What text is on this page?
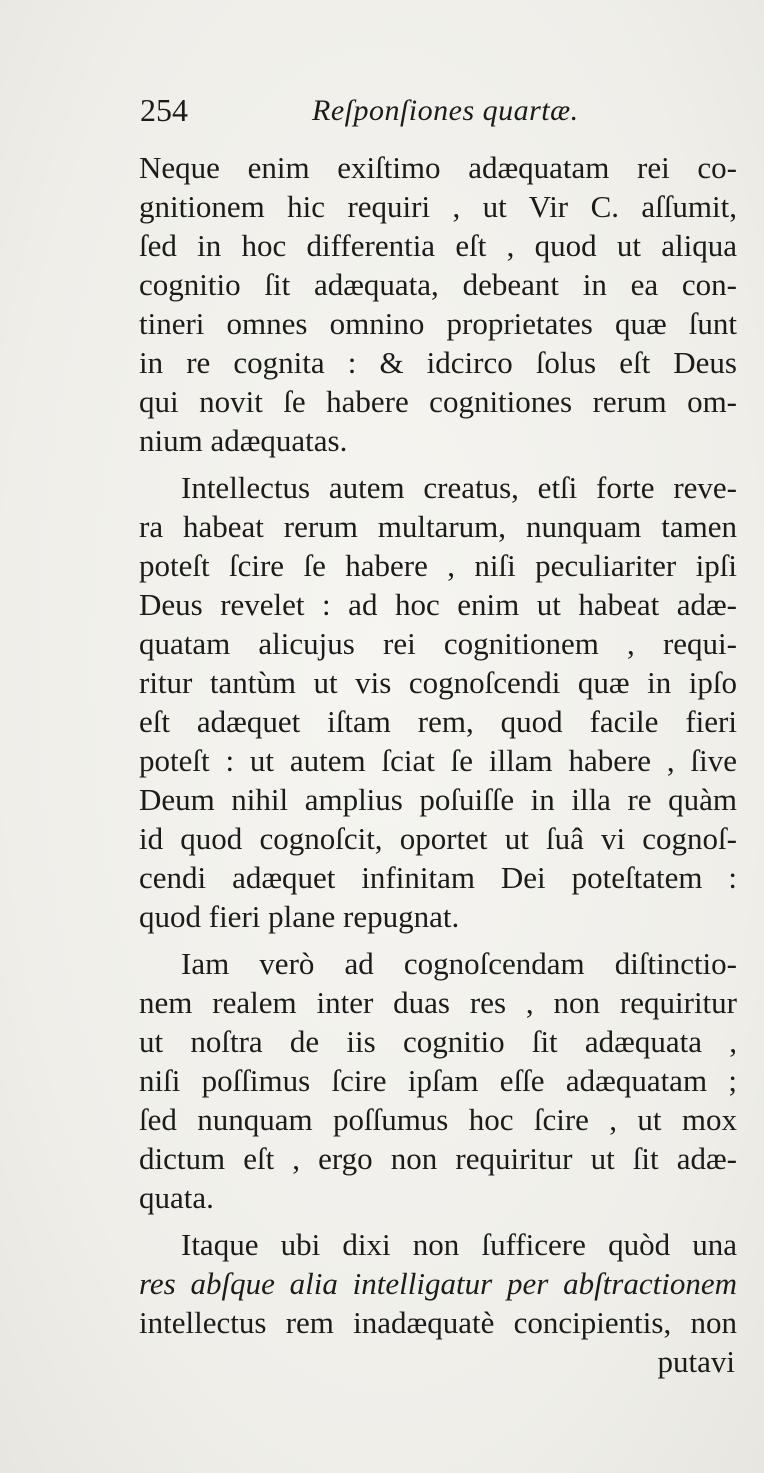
254	Reſponſiones quartæ.
Neque enim exiſtimo adæquatam rei co-
gnitionem hic requiri , ut Vir C. aſſumit,
ſed in hoc differentia eſt , quod ut aliqua
cognitio ſit adæquata, debeant in ea con-
tineri omnes omnino proprietates quæ ſunt
in re cognita : & idcirco ſolus eſt Deus
qui novit ſe habere cognitiones rerum om-
nium adæquatas.
Intellectus autem creatus, etſi forte reve-
ra habeat rerum multarum, nunquam tamen
poteſt ſcire ſe habere , niſi peculiariter ipſi
Deus revelet : ad hoc enim ut habeat adæ-
quatam alicujus rei cognitionem , requi-
ritur tantùm ut vis cognoſcendi quæ in ipſo
eſt adæquet iſtam rem, quod facile fieri
poteſt : ut autem ſciat ſe illam habere , ſive
Deum nihil amplius poſuiſſe in illa re quàm
id quod cognoſcit, oportet ut ſuâ vi cognoſ-
cendi adæquet infinitam Dei poteſtatem :
quod fieri plane repugnat.
Iam verò ad cognoſcendam diſtinctio-
nem realem inter duas res , non requiritur
ut noſtra de iis cognitio ſit adæquata ,
niſi poſſimus ſcire ipſam eſſe adæquatam ;
ſed nunquam poſſumus hoc ſcire , ut mox
dictum eſt , ergo non requiritur ut ſit adæ-
quata.
Itaque ubi dixi non ſufficere quòd una
res abſque alia intelligatur per abſtractionem
intellectus rem inadæquatè concipientis, non
putavi
